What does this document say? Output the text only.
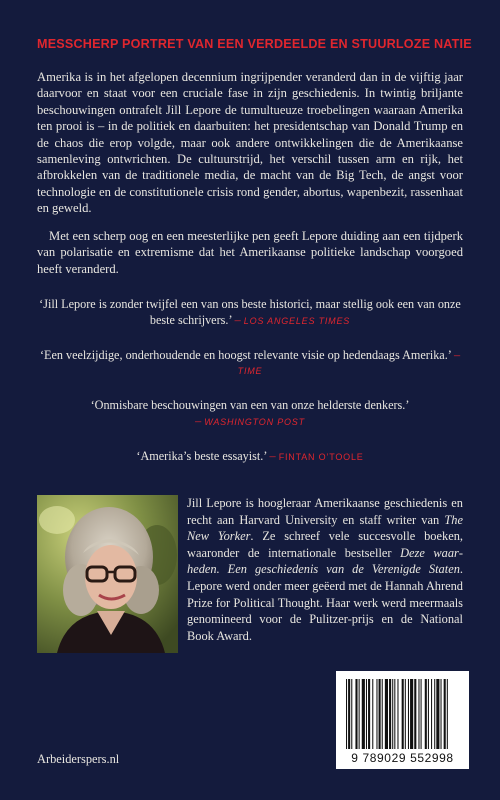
MESSCHERP PORTRET VAN EEN VERDEELDE EN STUURLOZE NATIE
Amerika is in het afgelopen decennium ingrijpender veranderd dan in de vijftig jaar daarvoor en staat voor een cruciale fase in zijn geschiedenis. In twintig briljante beschouwingen ontrafelt Jill Lepore de tumultueuze troebelingen waaraan Amerika ten prooi is – in de politiek en daarbuiten: het presidentschap van Donald Trump en de chaos die erop volgde, maar ook andere ontwikkelingen die de Amerikaanse samenleving ontwrichten. De cultuurstrijd, het verschil tussen arm en rijk, het afbrokkelen van de traditionele media, de macht van de Big Tech, de angst voor technologie en de constitutionele crisis rond gender, abortus, wapenbezit, rassenhaat en geweld.
Met een scherp oog en een meesterlijke pen geeft Lepore duiding aan een tijdperk van polarisatie en extremisme dat het Amerikaanse politieke landschap voorgoed heeft veranderd.

‘Jill Lepore is zonder twijfel een van ons beste historici, maar stellig ook een van onze beste schrijvers.’ – LOS ANGELES TIMES

‘Een veelzijdige, onderhoudende en hoogst relevante visie op hedendaags Amerika.’ – TIME

‘Onmisbare beschouwingen van een van onze helderste denkers.’
– WASHINGTON POST

‘Amerika’s beste essayist.’ – FINTAN O’TOOLE

Jill Lepore is hoogleraar Amerikaanse geschiedenis en recht aan Harvard University en staff writer van The New Yorker. Ze schreef vele succesvolle boeken, waaronder de internationale bestseller Deze waarheden. Een geschiedenis van de Verenigde Staten. Lepore werd onder meer geëerd met de Hannah Ahrend Prize for Political Thought. Haar werk werd meermaals genomineerd voor de Pulitzer-prijs en de National Book Award.
9 789029 552998
Arbeiderspers.nl
